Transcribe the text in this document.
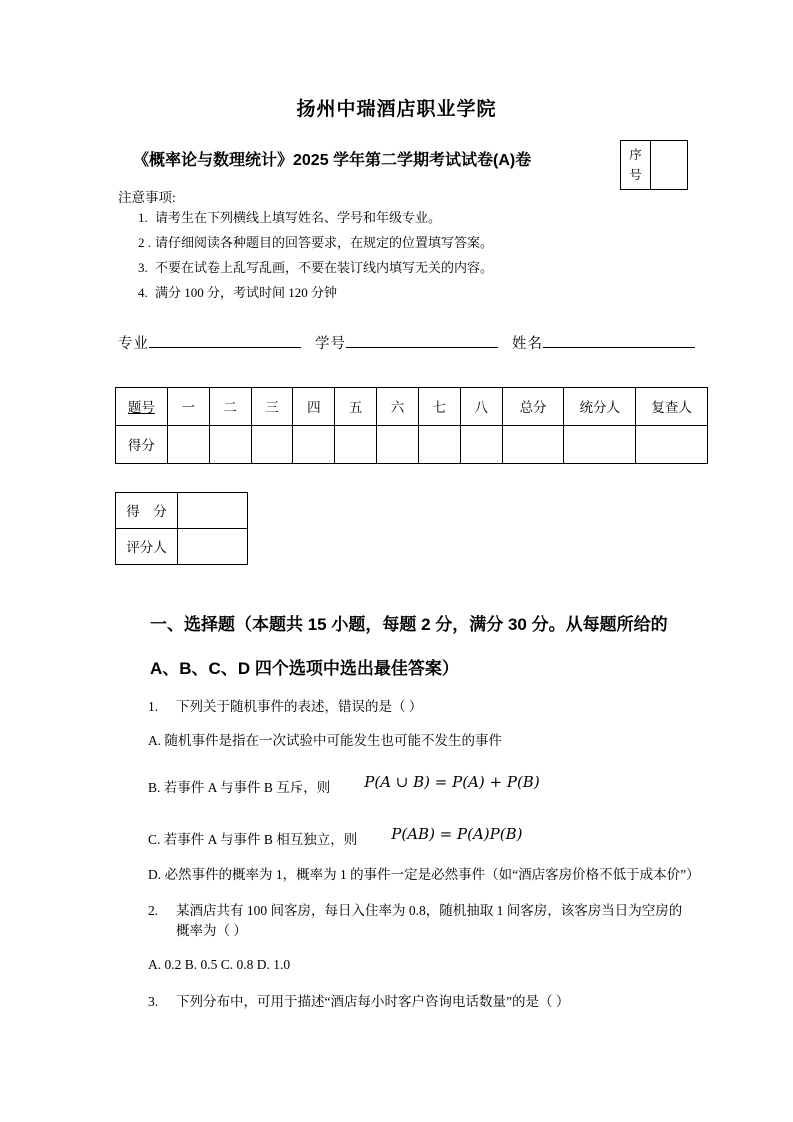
扬州中瑞酒店职业学院
《概率论与数理统计》2025 学年第二学期考试试卷(A)卷	序
号
注意事项:
1. 请考生在下列横线上填写姓名、学号和年级专业。
2 . 请仔细阅读各种题目的回答要求，在规定的位置填写答案。
3. 不要在试卷上乱写乱画，不要在装订线内填写无关的内容。
4. 满分 100 分，考试时间 120 分钟
专业	学号	姓名
题号	一	二	三	四	五	六	七	八	总分	统分人	复查人
得分											
得　分	
评分人	
一、选择题（本题共 15 小题，每题 2 分，满分 30 分。从每题所给的 A、B、C、D 四个选项中选出最佳答案）
1.	下列关于随机事件的表述，错误的是（ ）
A. 随机事件是指在一次试验中可能发生也可能不发生的事件
B. 若事件 A 与事件 B 互斥，则 P(A ∪ B) = P(A) + P(B)
C. 若事件 A 与事件 B 相互独立，则 P(AB) = P(A)P(B)
D. 必然事件的概率为 1，概率为 1 的事件一定是必然事件（如“酒店客房价格不低于成本价”）
2.	某酒店共有 100 间客房，每日入住率为 0.8，随机抽取 1 间客房，该客房当日为空房的概率为（ ）
A. 0.2 B. 0.5 C. 0.8 D. 1.0
3.	下列分布中，可用于描述“酒店每小时客户咨询电话数量”的是（ ）
